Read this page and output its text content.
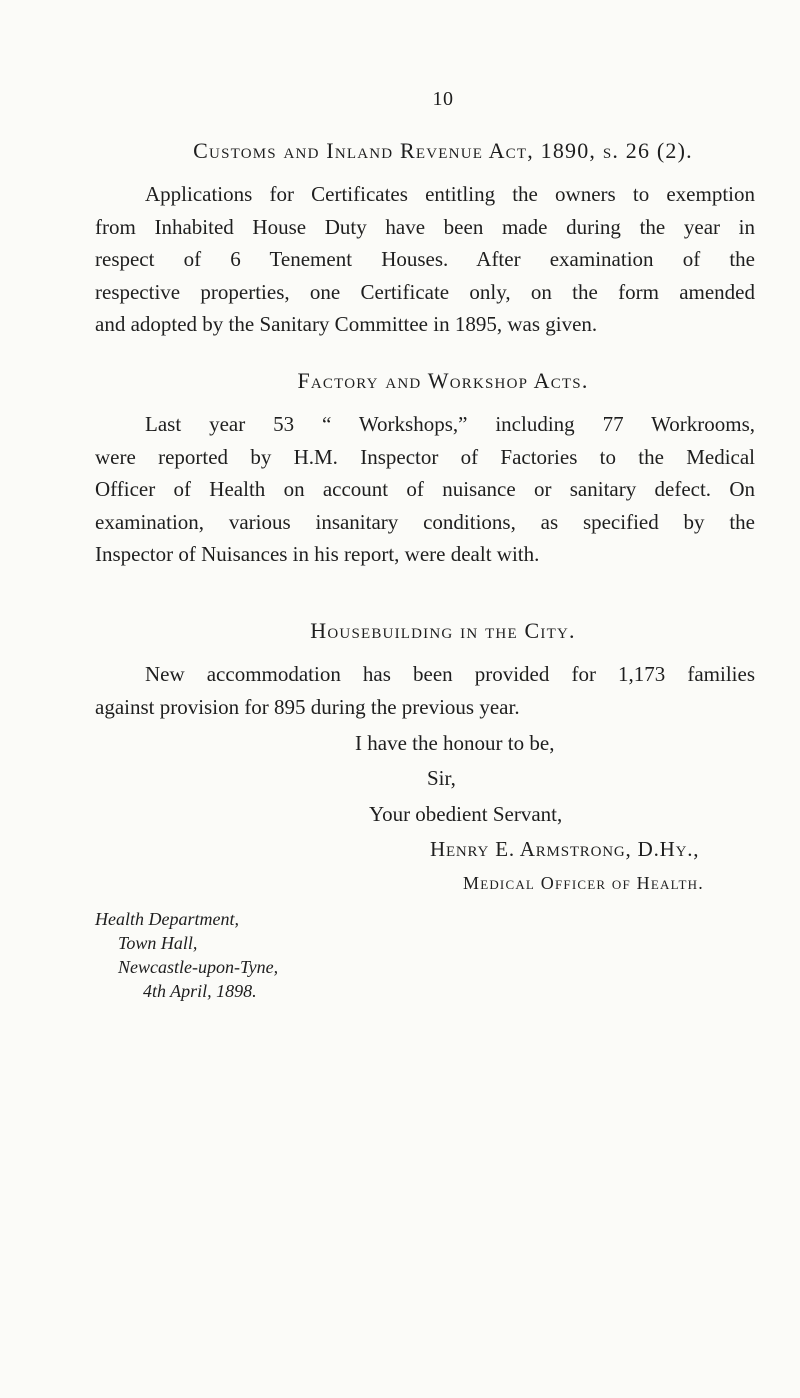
10
Customs and Inland Revenue Act, 1890, s. 26 (2).

Applications for Certificates entitling the owners to exemption
from Inhabited House Duty have been made during the year in
respect of 6 Tenement Houses. After examination of the
respective properties, one Certificate only, on the form amended
and adopted by the Sanitary Committee in 1895, was given.

Factory and Workshop Acts.

Last year 53 “ Workshops,” including 77 Workrooms,
were reported by H.M. Inspector of Factories to the Medical
Officer of Health on account of nuisance or sanitary defect. On
examination, various insanitary conditions, as specified by the
Inspector of Nuisances in his report, were dealt with.

Housebuilding in the City.

New accommodation has been provided for 1,173 families
against provision for 895 during the previous year.

I have the honour to be,
Sir,
Your obedient Servant,
Henry E. Armstrong, D.Hy.,
Medical Officer of Health.
Health Department,
Town Hall,
Newcastle-upon-Tyne,
4th April, 1898.
